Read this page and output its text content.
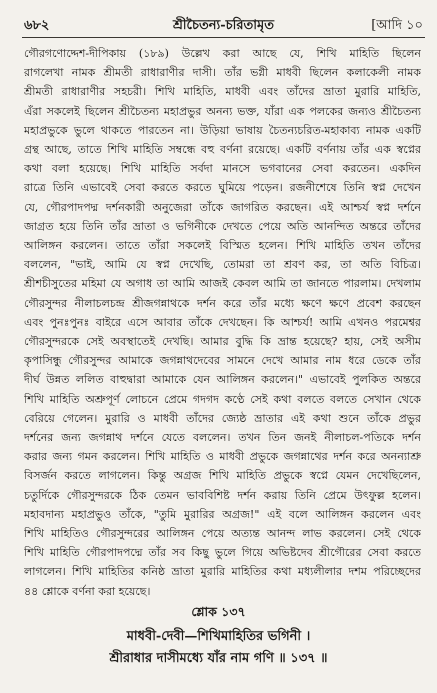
৬৮২	শ্রীচৈতন্য-চরিতামৃত	[আদি ১০
গৌরগণোদ্দেশ-দীপিকায় (১৮৯) উল্লেখ করা আছে যে, শিখি মাহিতি ছিলেন
রাগলেখা নামক শ্রীমতী রাধারাণীর দাসী। তাঁর ভগ্নী মাধবী ছিলেন কলাকেলী নামক
শ্রীমতী রাধারাণীর সহচরী। শিখি মাহিতি, মাধবী এবং তাঁদের ভ্রাতা মুরারি মাহিতি,
এঁরা সকলেই ছিলেন শ্রীচৈতন্য মহাপ্রভুর অনন্য ভক্ত, যাঁরা এক পলকের জন্যও শ্রীচৈতন্য
মহাপ্রভুকে ভুলে থাকতে পারতেন না। উড়িয়া ভাষায় চৈতন্যচরিত-মহাকাব্য নামক একটি
গ্রন্থ আছে, তাতে শিখি মাহিতি সম্বন্ধে বহু বর্ণনা রয়েছে। একটি বর্ণনায় তাঁর এক স্বপ্নের
কথা বলা হয়েছে। শিখি মাহিতি সর্বদা মানসে ভগবানের সেবা করতেন। একদিন
রাত্রে তিনি এভাবেই সেবা করতে করতে ঘুমিয়ে পড়েন। রজনীশেষে তিনি স্বপ্ন দেখেন
যে, গৌরপাদপদ্ম দর্শনকারী অনুজেরা তাঁকে জাগরিত করছেন। এই আশ্চর্য স্বপ্ন দর্শনে
জাগ্রত হয়ে তিনি তাঁর ভ্রাতা ও ভগিনীকে দেখতে পেয়ে অতি আনন্দিত অন্তরে তাঁদের
আলিঙ্গন করলেন। তাতে তাঁরা সকলেই বিস্মিত হলেন। শিখি মাহিতি তখন তাঁদের
বললেন, "ভাই, আমি যে স্বপ্ন দেখেছি, তোমরা তা শ্রবণ কর, তা অতি বিচিত্র।
শ্রীশচীসুতের মহিমা যে অগাধ তা আমি আজই কেবল আমি তা জানতে পারলাম। দেখলাম
গৌরসুন্দর নীলাচলচন্দ্র শ্রীজগন্নাথকে দর্শন করে তাঁর মধ্যে ক্ষণে ক্ষণে প্রবেশ করছেন
এবং পুনঃপুনঃ বাইরে এসে আবার তাঁকে দেখছেন। কি আশ্চর্য! আমি এখনও পরমেশ্বর
গৌরসুন্দরকে সেই অবস্থাতেই দেখছি। আমার বুদ্ধি কি ভ্রান্ত হয়েছে? হায়, সেই অসীম
কৃপাসিন্ধু গৌরসুন্দর আমাকে জগন্নাথদেবের সামনে দেখে আমার নাম ধরে ডেকে তাঁর
দীর্ঘ উন্নত ললিত বাহুদ্বারা আমাকে যেন আলিঙ্গন করলেন।" এভাবেই পুলকিত অন্তরে
শিখি মাহিতি অশ্রুপূর্ণ লোচনে প্রেমে গদগদ কণ্ঠে সেই কথা বলতে বলতে সেখান থেকে
বেরিয়ে গেলেন। মুরারি ও মাধবী তাঁদের জ্যেষ্ঠ ভ্রাতার এই কথা শুনে তাঁকে প্রভুর
দর্শনের জন্য জগন্নাথ দর্শনে যেতে বললেন। তখন তিন জনই নীলাচল-পতিকে দর্শন
করার জন্য গমন করলেন। শিখি মাহিতি ও মাধবী প্রভুকে জগন্নাথের দর্শন করে অনন্যাশ্রু
বিসর্জন করতে লাগলেন। কিন্তু অগ্রজ শিখি মাহিতি প্রভুকে স্বপ্নে যেমন দেখেছিলেন,
চতুর্দিকে গৌরসুন্দরকে ঠিক তেমন ভাববিশিষ্ট দর্শন করায় তিনি প্রেমে উৎফুল্ল হলেন।
মহাবদান্য মহাপ্রভুও তাঁকে, "তুমি মুরারির অগ্রজ!" এই বলে আলিঙ্গন করলেন এবং
শিখি মাহিতিও গৌরসুন্দরের আলিঙ্গন পেয়ে অত্যন্ত আনন্দ লাভ করলেন। সেই থেকে
শিখি মাহিতি গৌরপাদপদ্মে তাঁর সব কিছু ভুলে গিয়ে অভিষ্টদেব শ্রীগৌরের সেবা করতে
লাগলেন। শিখি মাহিতির কনিষ্ঠ ভ্রাতা মুরারি মাহিতির কথা মধ্যলীলার দশম পরিচ্ছেদের
৪৪ শ্লোকে বর্ণনা করা হয়েছে।
শ্লোক ১৩৭
মাধবী-দেবী—শিখিমাহিতির ভগিনী ।
শ্রীরাধার দাসীমধ্যে যাঁর নাম গণি ॥ ১৩৭ ॥
